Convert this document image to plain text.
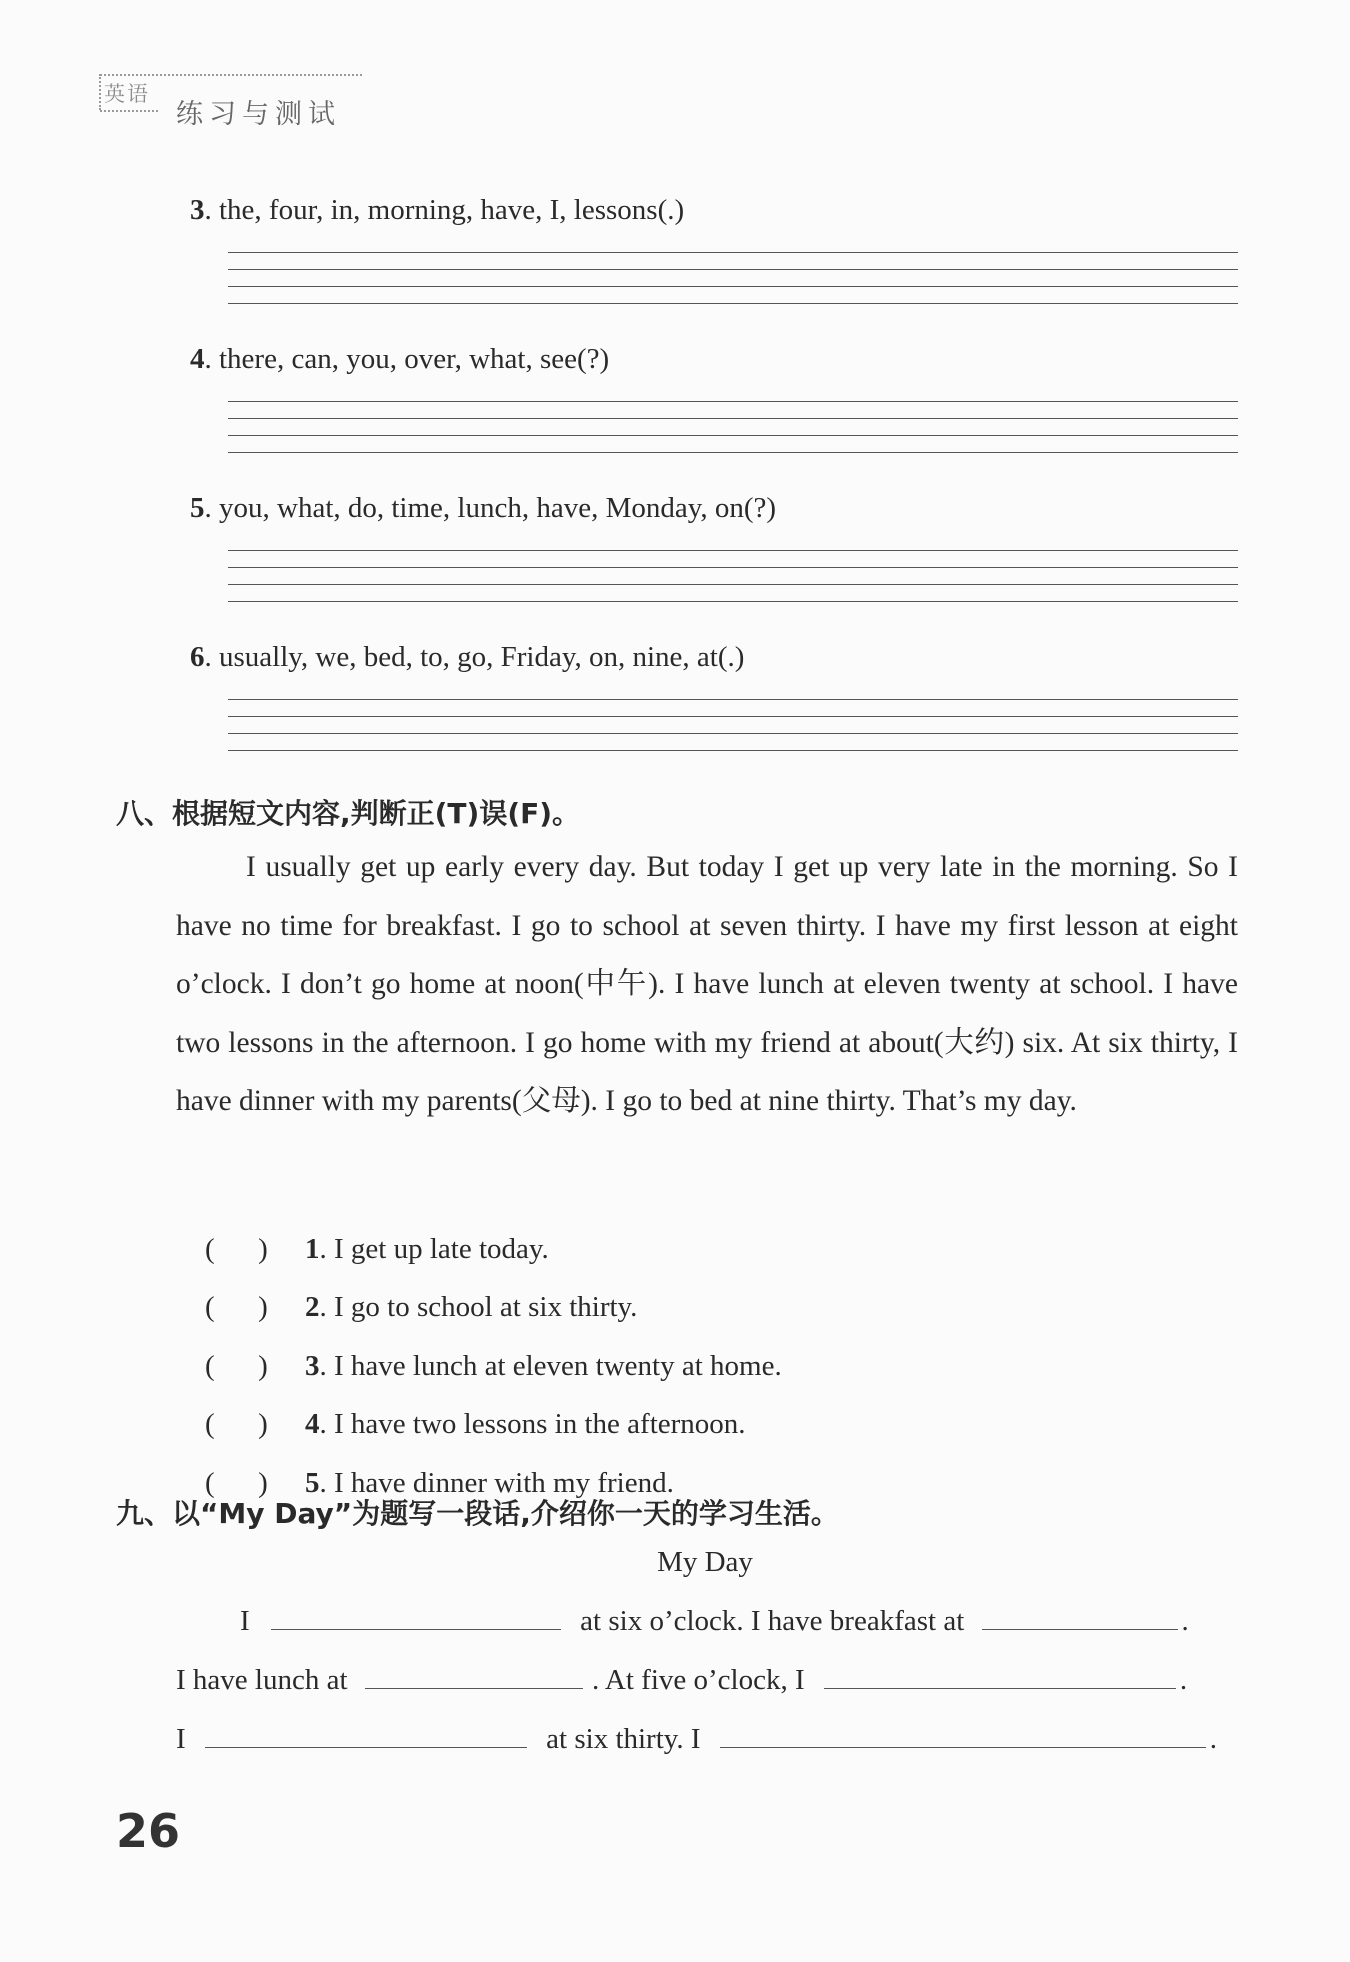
英语
练习与测试
3. the, four, in, morning, have, I, lessons(.)
4. there, can, you, over, what, see(?)
5. you, what, do, time, lunch, have, Monday, on(?)
6. usually, we, bed, to, go, Friday, on, nine, at(.)
八、根据短文内容,判断正(T)误(F)。

I usually get up early every day. But today I get up very late in the morning. So I have no time for breakfast. I go to school at seven thirty. I have my first lesson at eight o’clock. I don’t go home at noon(中午). I have lunch at eleven twenty at school. I have two lessons in the afternoon. I go home with my friend at about(大约) six. At six thirty, I have dinner with my parents(父母). I go to bed at nine thirty. That’s my day.

(      ) 1. I get up late today.

(      ) 2. I go to school at six thirty.

(      ) 3. I have lunch at eleven twenty at home.

(      ) 4. I have two lessons in the afternoon.

(      ) 5. I have dinner with my friend.

九、以“My Day”为题写一段话,介绍你一天的学习生活。
My Day
I	at six o’clock. I have breakfast at	.
I have lunch at	. At five o’clock, I	.
I	at six thirty. I	.
26
